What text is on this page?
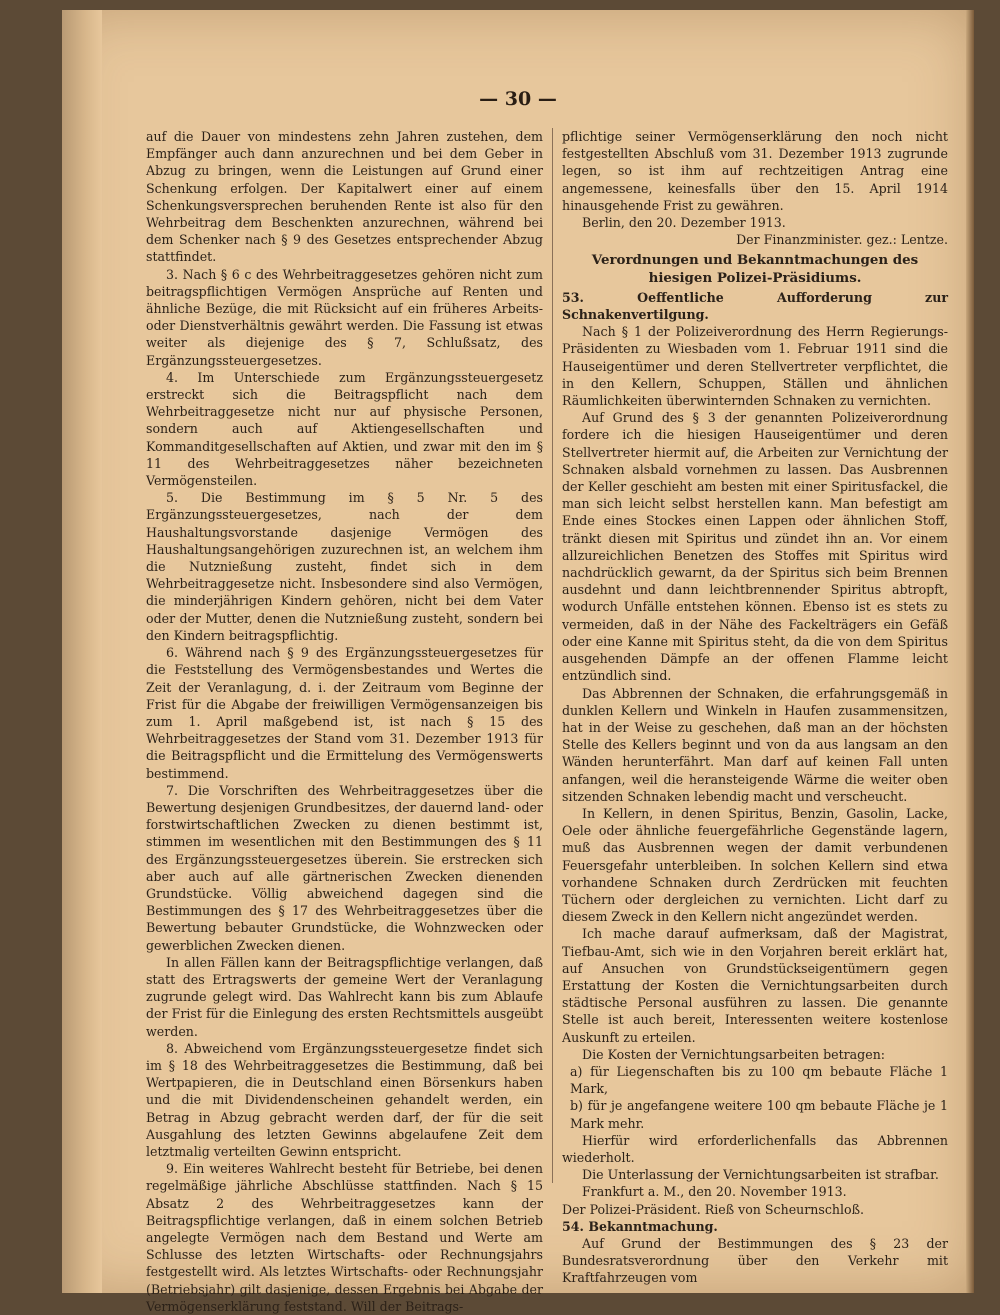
— 30 —

auf die Dauer von mindestens zehn Jahren zustehen, dem Empfänger auch dann anzurechnen und bei dem Geber in Abzug zu bringen, wenn die Leistungen auf Grund einer Schenkung erfolgen. Der Kapitalwert einer auf einem Schenkungsversprechen beruhenden Rente ist also für den Wehrbeitrag dem Beschenkten anzurechnen, während bei dem Schenker nach § 9 des Gesetzes entsprechender Abzug stattfindet.

3. Nach § 6 c des Wehrbeitraggesetzes gehören nicht zum beitragspflichtigen Vermögen Ansprüche auf Renten und ähnliche Bezüge, die mit Rücksicht auf ein früheres Arbeits- oder Dienstverhältnis gewährt werden. Die Fassung ist etwas weiter als diejenige des § 7, Schlußsatz, des Ergänzungssteuergesetzes.

4. Im Unterschiede zum Ergänzungssteuergesetz erstreckt sich die Beitragspflicht nach dem Wehrbeitraggesetze nicht nur auf physische Personen, sondern auch auf Aktiengesellschaften und Kommanditgesellschaften auf Aktien, und zwar mit den im § 11 des Wehrbeitraggesetzes näher bezeichneten Vermögensteilen.

5. Die Bestimmung im § 5 Nr. 5 des Ergänzungssteuergesetzes, nach der dem Haushaltungsvorstande dasjenige Vermögen des Haushaltungsangehörigen zuzurechnen ist, an welchem ihm die Nutznießung zusteht, findet sich in dem Wehrbeitraggesetze nicht. Insbesondere sind also Vermögen, die minderjährigen Kindern gehören, nicht bei dem Vater oder der Mutter, denen die Nutznießung zusteht, sondern bei den Kindern beitragspflichtig.

6. Während nach § 9 des Ergänzungssteuergesetzes für die Feststellung des Vermögensbestandes und Wertes die Zeit der Veranlagung, d. i. der Zeitraum vom Beginne der Frist für die Abgabe der freiwilligen Vermögensanzeigen bis zum 1. April maßgebend ist, ist nach § 15 des Wehrbeitraggesetzes der Stand vom 31. Dezember 1913 für die Beitragspflicht und die Ermittelung des Vermögenswerts bestimmend.

7. Die Vorschriften des Wehrbeitraggesetzes über die Bewertung desjenigen Grundbesitzes, der dauernd land- oder forstwirtschaftlichen Zwecken zu dienen bestimmt ist, stimmen im wesentlichen mit den Bestimmungen des § 11 des Ergänzungssteuergesetzes überein. Sie erstrecken sich aber auch auf alle gärtnerischen Zwecken dienenden Grundstücke. Völlig abweichend dagegen sind die Bestimmungen des § 17 des Wehrbeitraggesetzes über die Bewertung bebauter Grundstücke, die Wohnzwecken oder gewerblichen Zwecken dienen.

In allen Fällen kann der Beitragspflichtige verlangen, daß statt des Ertragswerts der gemeine Wert der Veranlagung zugrunde gelegt wird. Das Wahlrecht kann bis zum Ablaufe der Frist für die Einlegung des ersten Rechtsmittels ausgeübt werden.

8. Abweichend vom Ergänzungssteuergesetze findet sich im § 18 des Wehrbeitraggesetzes die Bestimmung, daß bei Wertpapieren, die in Deutschland einen Börsenkurs haben und die mit Dividendenscheinen gehandelt werden, ein Betrag in Abzug gebracht werden darf, der für die seit Ausgahlung des letzten Gewinns abgelaufene Zeit dem letztmalig verteilten Gewinn entspricht.

9. Ein weiteres Wahlrecht besteht für Betriebe, bei denen regelmäßige jährliche Abschlüsse stattfinden. Nach § 15 Absatz 2 des Wehrbeitraggesetzes kann der Beitragspflichtige verlangen, daß in einem solchen Betrieb angelegte Vermögen nach dem Bestand und Werte am Schlusse des letzten Wirtschafts- oder Rechnungsjahrs festgestellt wird. Als letztes Wirtschafts- oder Rechnungsjahr (Betriebsjahr) gilt dasjenige, dessen Ergebnis bei Abgabe der Vermögenserklärung feststand. Will der Beitrags-

pflichtige seiner Vermögenserklärung den noch nicht festgestellten Abschluß vom 31. Dezember 1913 zugrunde legen, so ist ihm auf rechtzeitigen Antrag eine angemessene, keinesfalls über den 15. April 1914 hinausgehende Frist zu gewähren.

Berlin, den 20. Dezember 1913.

Der Finanzminister. gez.: Lentze.

Verordnungen und Bekanntmachungen des hiesigen Polizei-Präsidiums.

53.	Oeffentliche Aufforderung zur Schnakenvertilgung.

Nach § 1 der Polizeiverordnung des Herrn Regierungs-Präsidenten zu Wiesbaden vom 1. Februar 1911 sind die Hauseigentümer und deren Stellvertreter verpflichtet, die in den Kellern, Schuppen, Ställen und ähnlichen Räumlichkeiten überwinternden Schnaken zu vernichten.

Auf Grund des § 3 der genannten Polizeiverordnung fordere ich die hiesigen Hauseigentümer und deren Stellvertreter hiermit auf, die Arbeiten zur Vernichtung der Schnaken alsbald vornehmen zu lassen. Das Ausbrennen der Keller geschieht am besten mit einer Spiritusfackel, die man sich leicht selbst herstellen kann. Man befestigt am Ende eines Stockes einen Lappen oder ähnlichen Stoff, tränkt diesen mit Spiritus und zündet ihn an. Vor einem allzureichlichen Benetzen des Stoffes mit Spiritus wird nachdrücklich gewarnt, da der Spiritus sich beim Brennen ausdehnt und dann leichtbrennender Spiritus abtropft, wodurch Unfälle entstehen können. Ebenso ist es stets zu vermeiden, daß in der Nähe des Fackelträgers ein Gefäß oder eine Kanne mit Spiritus steht, da die von dem Spiritus ausgehenden Dämpfe an der offenen Flamme leicht entzündlich sind.

Das Abbrennen der Schnaken, die erfahrungsgemäß in dunklen Kellern und Winkeln in Haufen zusammensitzen, hat in der Weise zu geschehen, daß man an der höchsten Stelle des Kellers beginnt und von da aus langsam an den Wänden herunterfährt. Man darf auf keinen Fall unten anfangen, weil die heransteigende Wärme die weiter oben sitzenden Schnaken lebendig macht und verscheucht.

In Kellern, in denen Spiritus, Benzin, Gasolin, Lacke, Oele oder ähnliche feuergefährliche Gegenstände lagern, muß das Ausbrennen wegen der damit verbundenen Feuersgefahr unterbleiben. In solchen Kellern sind etwa vorhandene Schnaken durch Zerdrücken mit feuchten Tüchern oder dergleichen zu vernichten. Licht darf zu diesem Zweck in den Kellern nicht angezündet werden.

Ich mache darauf aufmerksam, daß der Magistrat, Tiefbau-Amt, sich wie in den Vorjahren bereit erklärt hat, auf Ansuchen von Grundstückseigentümern gegen Erstattung der Kosten die Vernichtungsarbeiten durch städtische Personal ausführen zu lassen. Die genannte Stelle ist auch bereit, Interessenten weitere kostenlose Auskunft zu erteilen.

Die Kosten der Vernichtungsarbeiten betragen:

a) für Liegenschaften bis zu 100 qm bebaute Fläche 1 Mark,
b) für je angefangene weitere 100 qm bebaute Fläche je 1 Mark mehr.

Hierfür wird erforderlichenfalls das Abbrennen wiederholt.

Die Unterlassung der Vernichtungsarbeiten ist strafbar.

Frankfurt a. M., den 20. November 1913.

Der Polizei-Präsident. Rieß von Scheurnschloß.

54. Bekanntmachung.

Auf Grund der Bestimmungen des § 23 der Bundesratsverordnung über den Verkehr mit Kraftfahrzeugen vom
